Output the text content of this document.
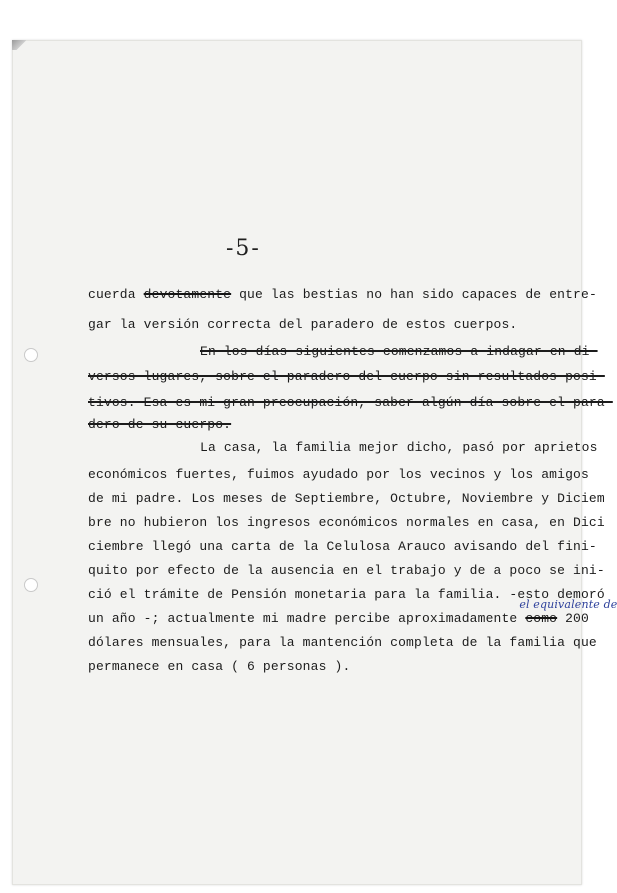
-5-
cuerda devotamente que las bestias no han sido capaces de entre-
gar la versión correcta del paradero de estos cuerpos.
En los días siguientes comenzamos a indagar en di-
versos lugares, sobre el paradero del cuerpo sin resultados posi-
tivos. Esa es mi gran preocupación, saber algún día sobre el para-
dero de su cuerpo.
La casa, la familia mejor dicho, pasó por aprietos
económicos fuertes, fuimos ayudado por los vecinos y los amigos
de mi padre. Los meses de Septiembre, Octubre, Noviembre y Diciem
bre no hubieron los ingresos económicos normales en casa, en Dici
ciembre llegó una carta de la Celulosa Arauco avisando del fini-
quito por efecto de la ausencia en el trabajo y de a poco se ini-
ció el trámite de Pensión monetaria para la familia. -esto demoró
un año -; actualmente mi madre percibe aproximadamente
el equivalente de
como 200
dólares mensuales, para la mantención completa de la familia que
permanece en casa ( 6 personas ).
